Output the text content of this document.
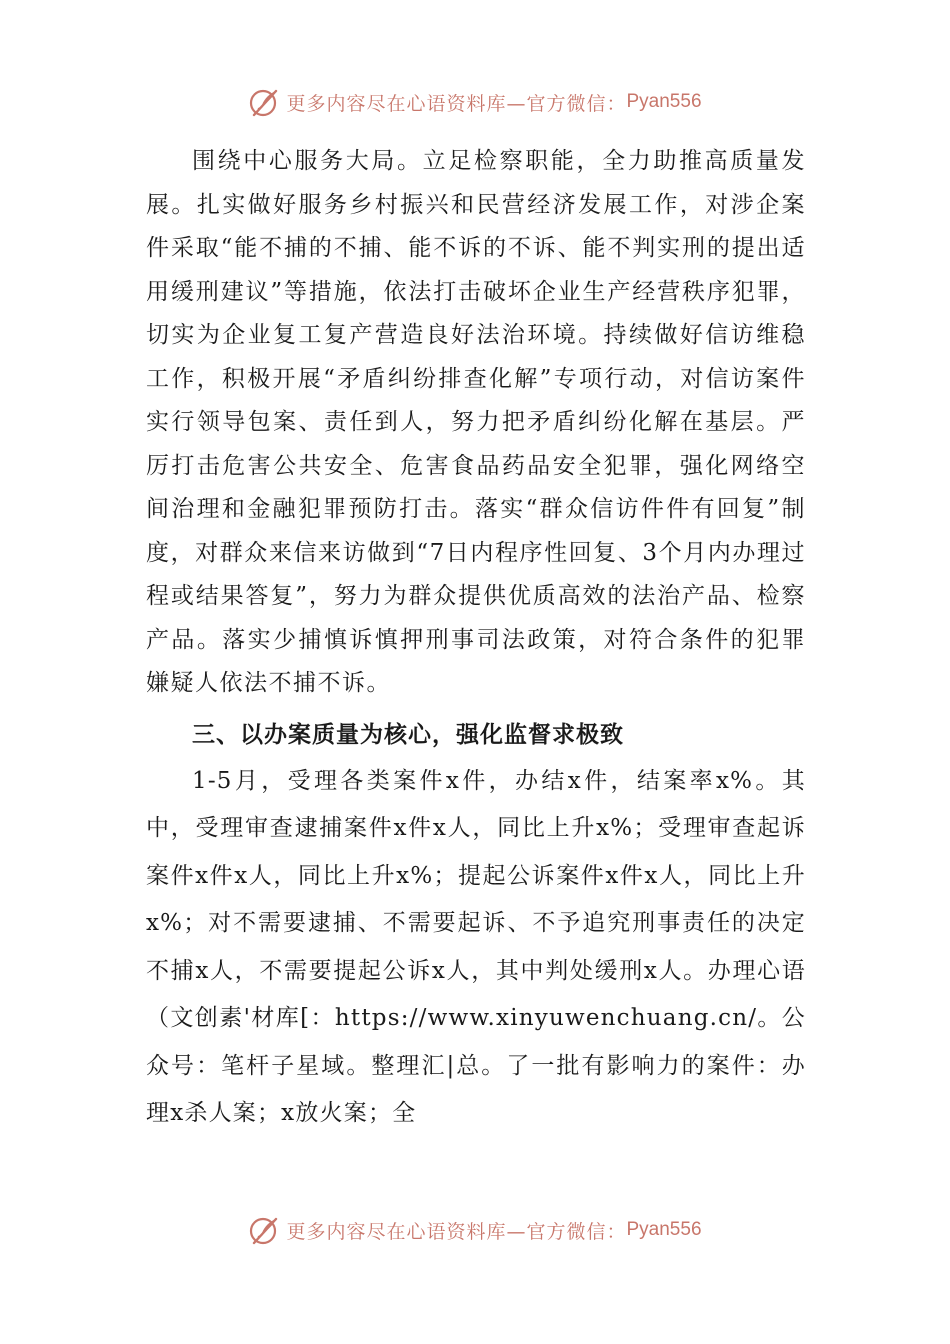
更多内容尽在心语资料库—官方微信： Pyan556

围绕中心服务大局。立足检察职能，全力助推高质量发展。扎实做好服务乡村振兴和民营经济发展工作，对涉企案件采取“能不捕的不捕、能不诉的不诉、能不判实刑的提出适用缓刑建议”等措施，依法打击破坏企业生产经营秩序犯罪，切实为企业复工复产营造良好法治环境。持续做好信访维稳工作，积极开展“矛盾纠纷排查化解”专项行动，对信访案件实行领导包案、责任到人，努力把矛盾纠纷化解在基层。严厉打击危害公共安全、危害食品药品安全犯罪，强化网络空间治理和金融犯罪预防打击。落实“群众信访件件有回复”制度，对群众来信来访做到“7日内程序性回复、3个月内办理过程或结果答复”，努力为群众提供优质高效的法治产品、检察产品。落实少捕慎诉慎押刑事司法政策，对符合条件的犯罪嫌疑人依法不捕不诉。

三、以办案质量为核心，强化监督求极致

1-5月，受理各类案件x件，办结x件，结案率x%。其中，受理审查逮捕案件x件x人，同比上升x%；受理审查起诉案件x件x人，同比上升x%；提起公诉案件x件x人，同比上升x%；对不需要逮捕、不需要起诉、不予追究刑事责任的决定不捕x人，不需要提起公诉x人，其中判处缓刑x人。办理心语（文创素'材库[：https://www.xinyuwenchuang.cn/。公众号：笔杆子星域。整理汇|总。了一批有影响力的案件：办理x杀人案；x放火案；全

更多内容尽在心语资料库—官方微信： Pyan556
